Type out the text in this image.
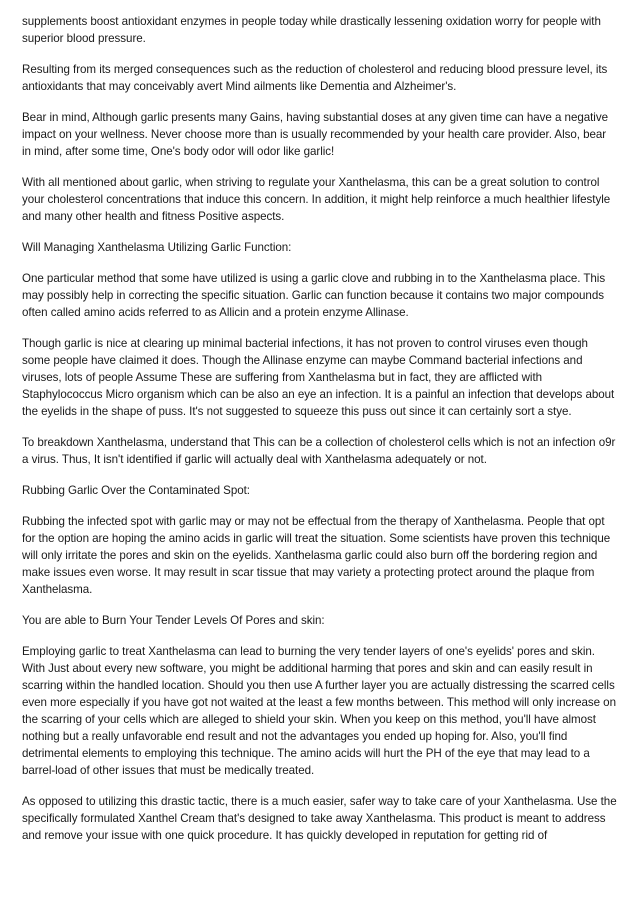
supplements boost antioxidant enzymes in people today while drastically lessening oxidation worry for people with superior blood pressure.

Resulting from its merged consequences such as the reduction of cholesterol and reducing blood pressure level, its antioxidants that may conceivably avert Mind ailments like Dementia and Alzheimer's.

Bear in mind, Although garlic presents many Gains, having substantial doses at any given time can have a negative impact on your wellness. Never choose more than is usually recommended by your health care provider. Also, bear in mind, after some time, One's body odor will odor like garlic!

With all mentioned about garlic, when striving to regulate your Xanthelasma, this can be a great solution to control your cholesterol concentrations that induce this concern. In addition, it might help reinforce a much healthier lifestyle and many other health and fitness Positive aspects.

Will Managing Xanthelasma Utilizing Garlic Function:

One particular method that some have utilized is using a garlic clove and rubbing in to the Xanthelasma place. This may possibly help in correcting the specific situation. Garlic can function because it contains two major compounds often called amino acids referred to as Allicin and a protein enzyme Allinase.

Though garlic is nice at clearing up minimal bacterial infections, it has not proven to control viruses even though some people have claimed it does. Though the Allinase enzyme can maybe Command bacterial infections and viruses, lots of people Assume These are suffering from Xanthelasma but in fact, they are afflicted with Staphylococcus Micro organism which can be also an eye an infection. It is a painful an infection that develops about the eyelids in the shape of puss. It's not suggested to squeeze this puss out since it can certainly sort a stye.

To breakdown Xanthelasma, understand that This can be a collection of cholesterol cells which is not an infection o9r a virus. Thus, It isn't identified if garlic will actually deal with Xanthelasma adequately or not.

Rubbing Garlic Over the Contaminated Spot:

Rubbing the infected spot with garlic may or may not be effectual from the therapy of Xanthelasma. People that opt for the option are hoping the amino acids in garlic will treat the situation. Some scientists have proven this technique will only irritate the pores and skin on the eyelids. Xanthelasma garlic could also burn off the bordering region and make issues even worse. It may result in scar tissue that may variety a protecting protect around the plaque from Xanthelasma.

You are able to Burn Your Tender Levels Of Pores and skin:

Employing garlic to treat Xanthelasma can lead to burning the very tender layers of one's eyelids' pores and skin. With Just about every new software, you might be additional harming that pores and skin and can easily result in scarring within the handled location. Should you then use A further layer you are actually distressing the scarred cells even more especially if you have got not waited at the least a few months between. This method will only increase on the scarring of your cells which are alleged to shield your skin. When you keep on this method, you'll have almost nothing but a really unfavorable end result and not the advantages you ended up hoping for. Also, you'll find detrimental elements to employing this technique. The amino acids will hurt the PH of the eye that may lead to a barrel-load of other issues that must be medically treated.

As opposed to utilizing this drastic tactic, there is a much easier, safer way to take care of your Xanthelasma. Use the specifically formulated Xanthel Cream that's designed to take away Xanthelasma. This product is meant to address and remove your issue with one quick procedure. It has quickly developed in reputation for getting rid of
